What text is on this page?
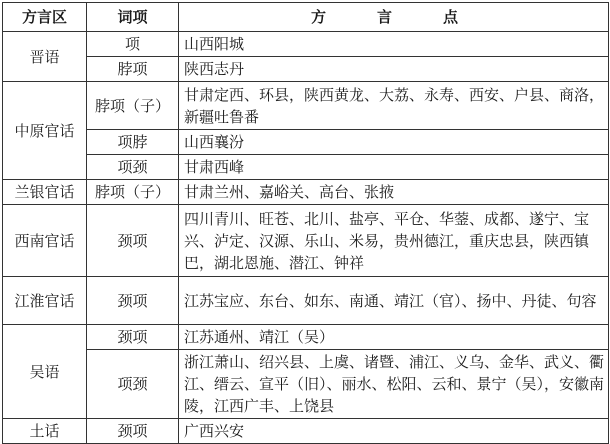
方言区	词项	方　言　点
晋语	项	山西阳城
	脖项	陕西志丹
中原官话	脖项（子）	甘肃定西、环县，陕西黄龙、大荔、永寿、西安、户县、商洛，新疆吐鲁番
	项脖	山西襄汾
	项颈	甘肃西峰
兰银官话	脖项（子）	甘肃兰州、嘉峪关、高台、张掖
西南官话	颈项	四川青川、旺苍、北川、盐亭、平仓、华蓥、成都、遂宁、宝兴、泸定、汉源、乐山、米易，贵州德江，重庆忠县，陕西镇巴，湖北恩施、潜江、钟祥
江淮官话	颈项	江苏宝应、东台、如东、南通、靖江（官）、扬中、丹徒、句容
吴语	颈项	江苏通州、靖江（吴）
	项颈	浙江萧山、绍兴县、上虞、诸暨、浦江、义乌、金华、武义、衢江、缙云、宣平（旧）、丽水、松阳、云和、景宁（吴），安徽南陵，江西广丰、上饶县
土话	颈项	广西兴安
